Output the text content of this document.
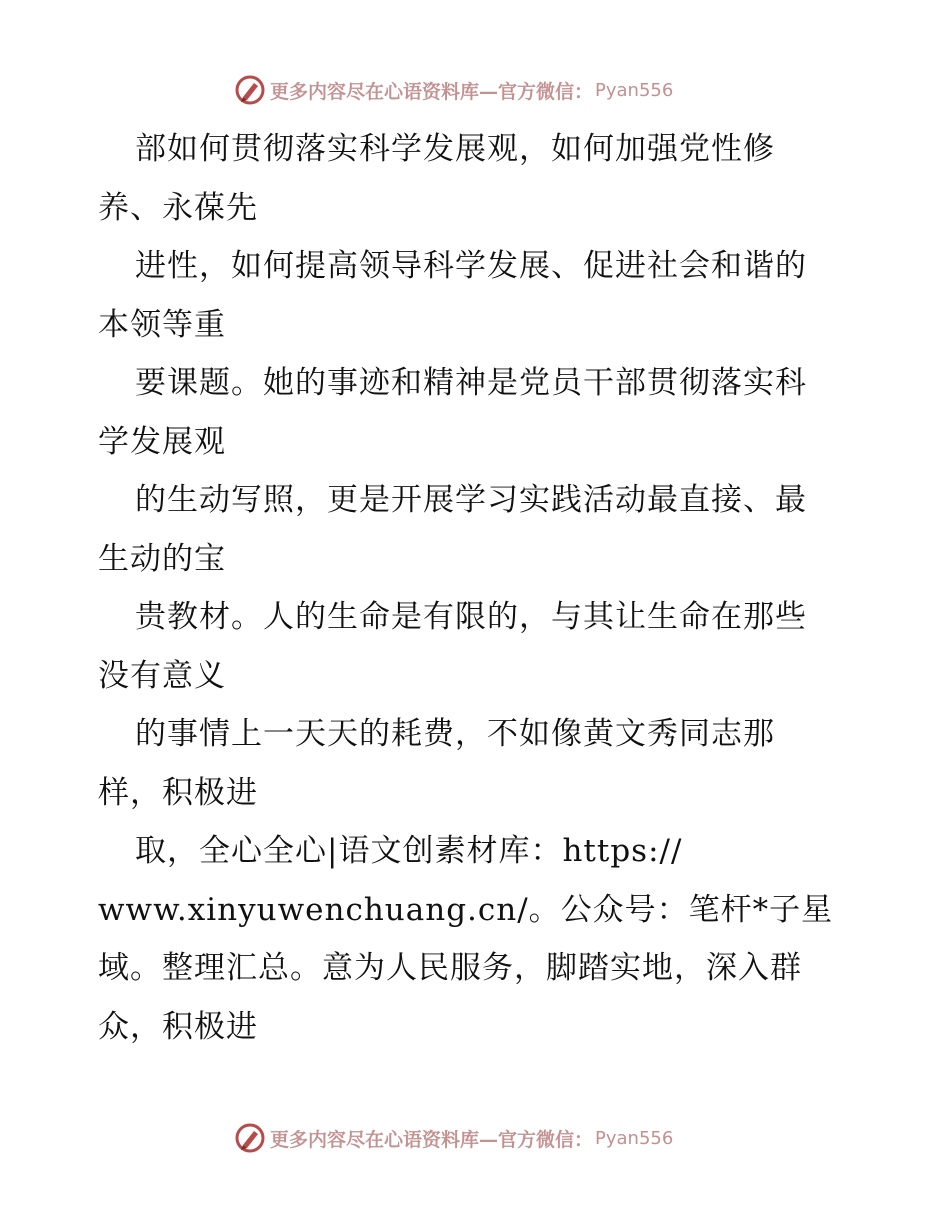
更多内容尽在心语资料库—官方微信： Pyan556
部如何贯彻落实科学发展观，如何加强党性修
养、永葆先
进性，如何提高领导科学发展、促进社会和谐的
本领等重
要课题。她的事迹和精神是党员干部贯彻落实科
学发展观
的生动写照，更是开展学习实践活动最直接、最
生动的宝
贵教材。人的生命是有限的，与其让生命在那些
没有意义
的事情上一天天的耗费，不如像黄文秀同志那
样，积极进
取，全心全心|语文创素材库：https://
www.xinyuwenchuang.cn/。公众号：笔杆*子星
域。整理汇总。意为人民服务，脚踏实地，深入群
众，积极进
更多内容尽在心语资料库—官方微信： Pyan556
